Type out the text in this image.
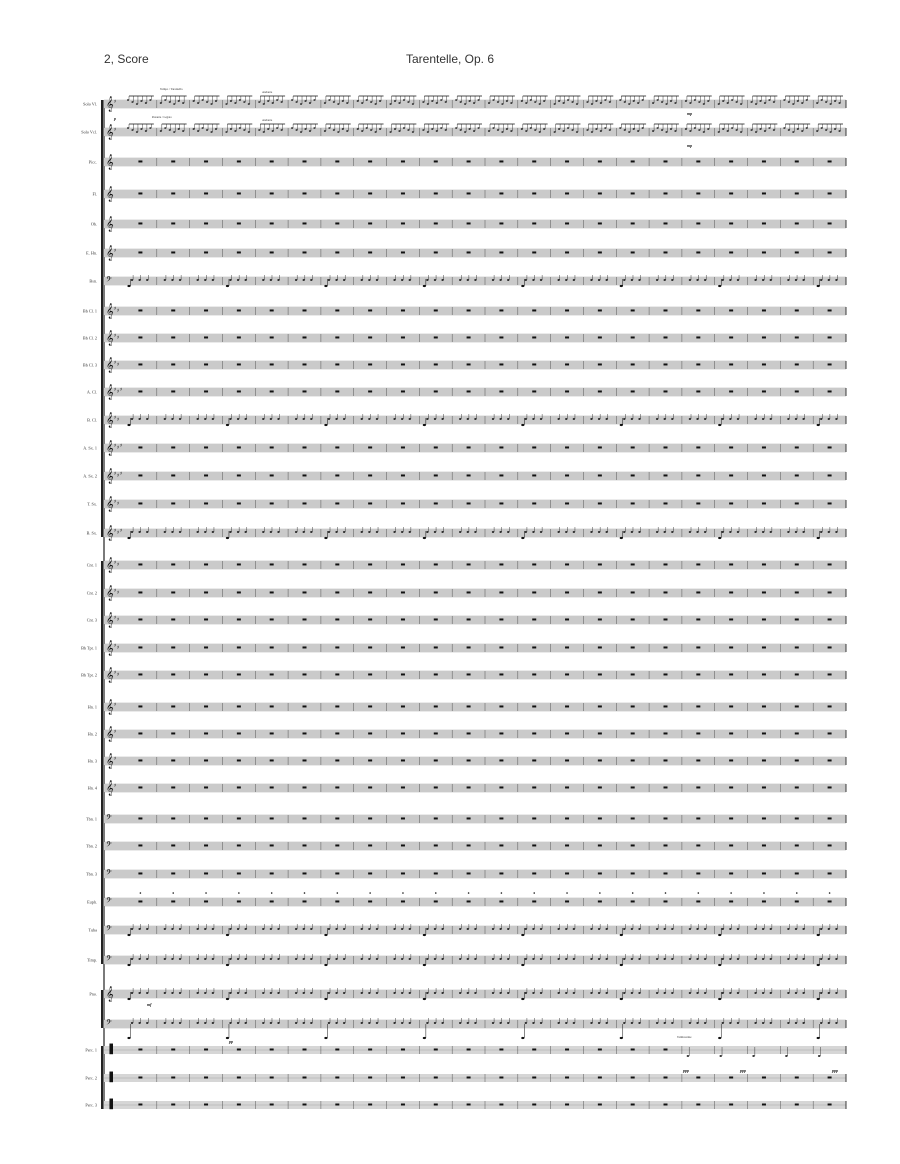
2, Score	Tarentelle, Op. 6
Solo Vl. 𝄞 ♯
Solo Vcl. 𝄞 ♯
Picc. 𝄞
Fl. 𝄞
Ob. 𝄞
E. Hn. 𝄞 ♯
Bsn. 𝄢
Bb Cl. 1 𝄞 ♯ ♯
Bb Cl. 2 𝄞 ♯ ♯
Bb Cl. 3 𝄞 ♯ ♯
A. Cl. 𝄞 ♯ ♯ ♯
B. Cl. 𝄞 ♯ ♯
A. Sx. 1 𝄞 ♯ ♯ ♯
A. Sx. 2 𝄞 ♯ ♯ ♯
T. Sx. 𝄞 ♯ ♯
B. Sx. 𝄞 ♯ ♯ ♯
Cnt. 1 𝄞 ♯ ♯
Cnt. 2 𝄞 ♯ ♯
Cnt. 3 𝄞 ♯ ♯
Bb Tpt. 1 𝄞 ♯ ♯
Bb Tpt. 2 𝄞 ♯ ♯
Hn. 1 𝄞 ♯
Hn. 2 𝄞 ♯
Hn. 3 𝄞 ♯
Hn. 4 𝄞 ♯
Tbn. 1 𝄢
Tbn. 2 𝄢
Tbn. 3 𝄢
Euph. 𝄢
Tuba 𝄢
Timp. 𝄢
Pno. 𝄞
𝄢
Perc. 1 ▐
Perc. 2 ▐
Perc. 3 ▐
Tempo / Tarantella
Pesante / Legato
Andante
Andante
Tambourine
p
mp
mp
mf
pp
ppp	ppp	ppp
